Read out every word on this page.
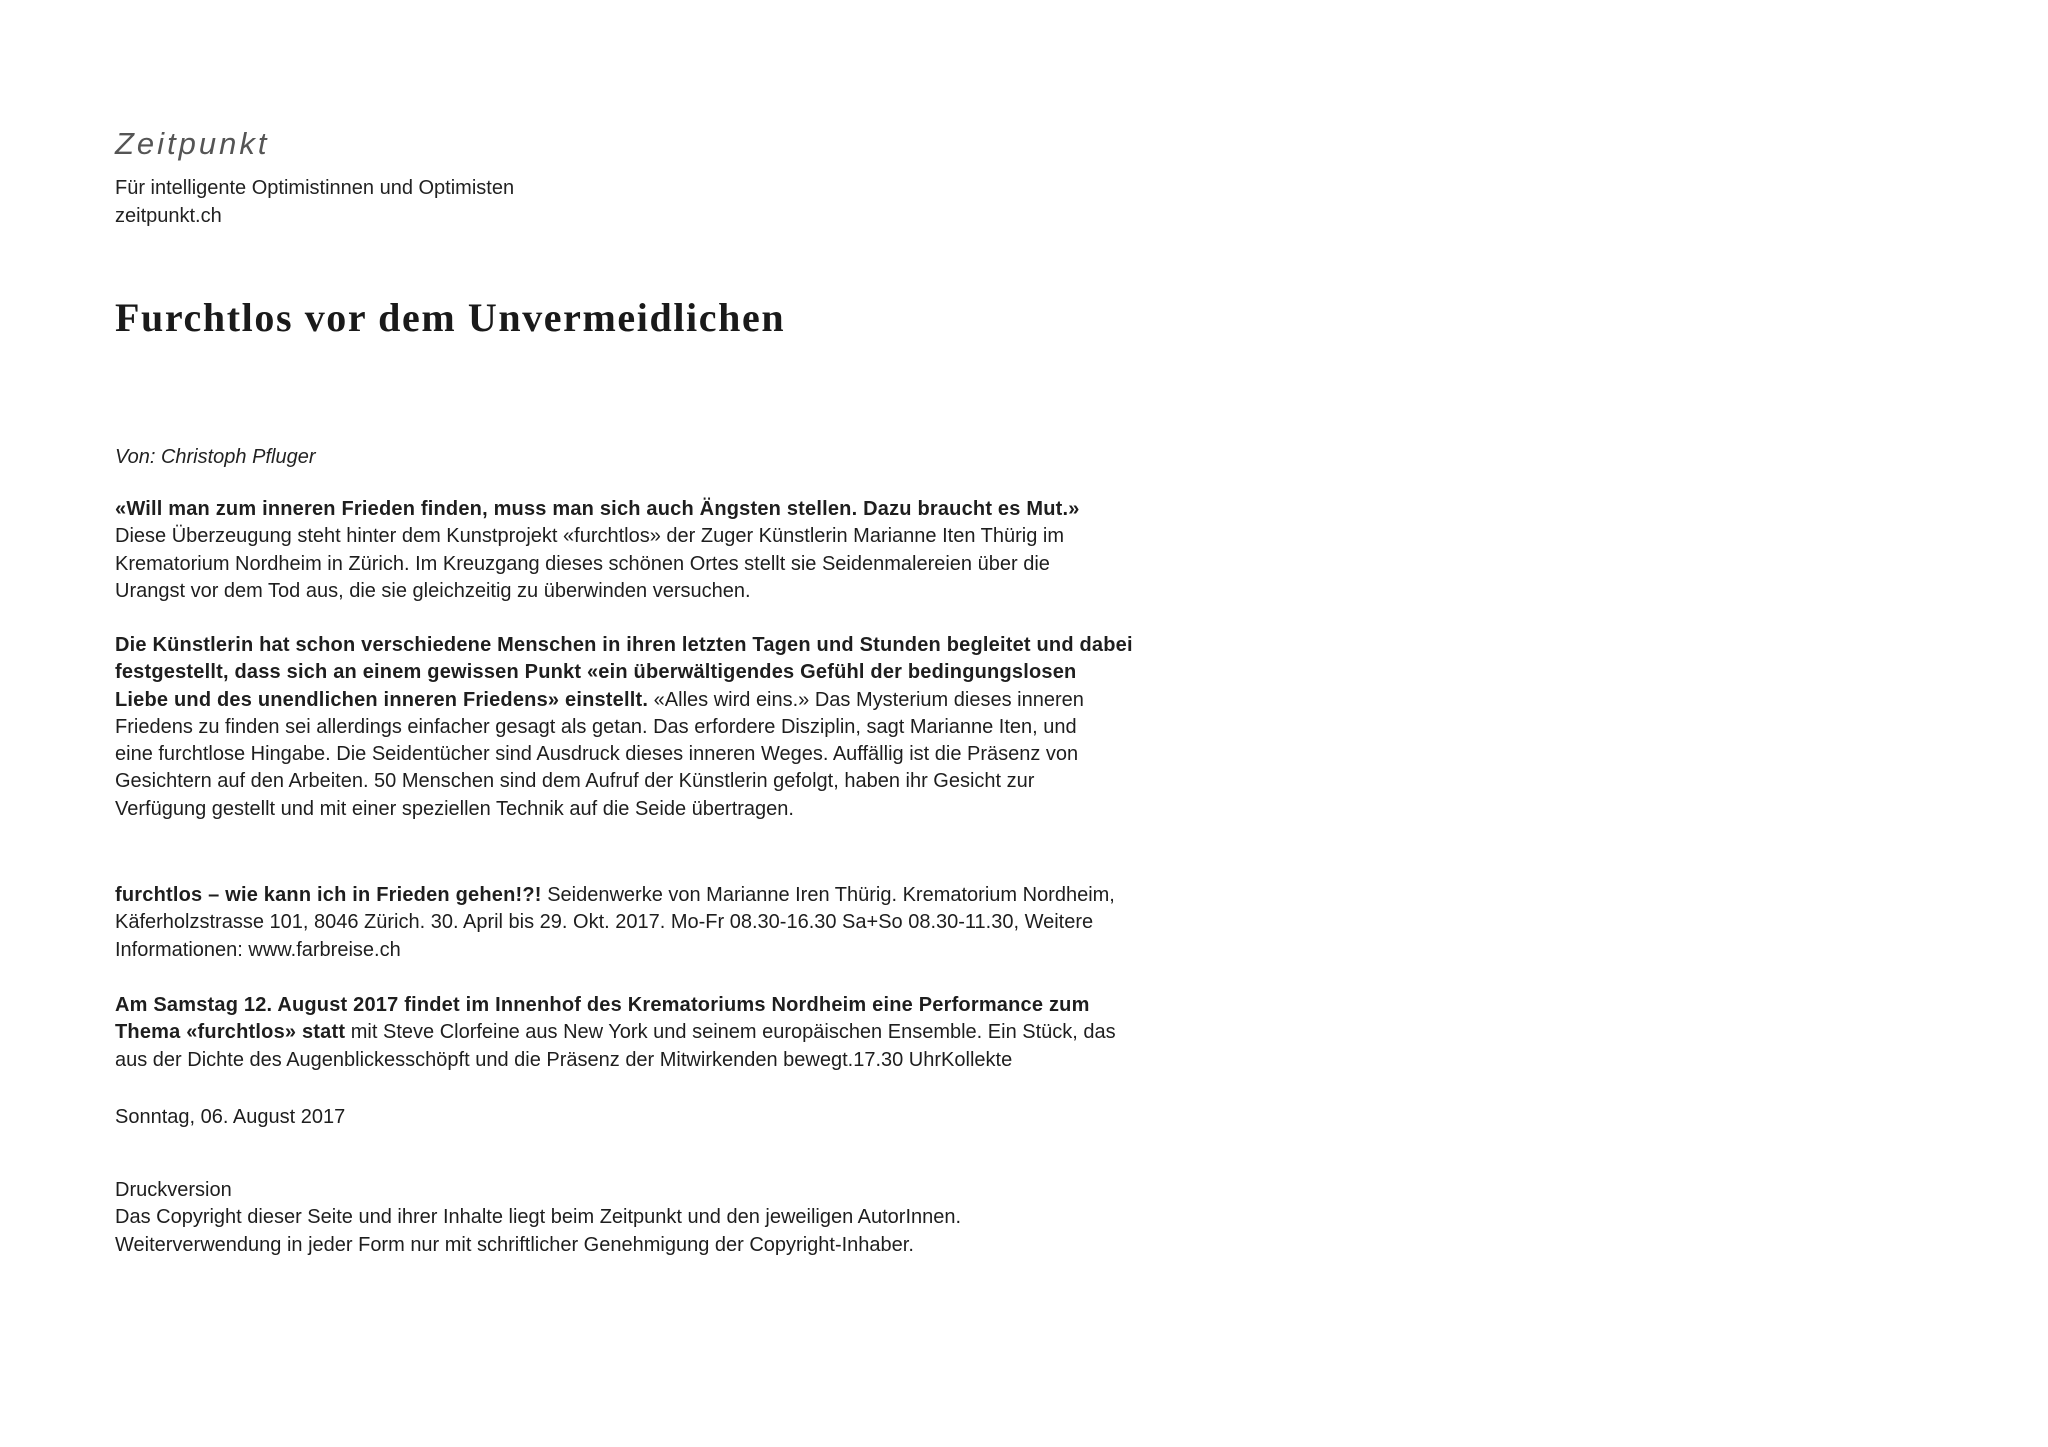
Zeitpunkt
Für intelligente Optimistinnen und Optimisten
zeitpunkt.ch
Furchtlos vor dem Unvermeidlichen
Von: Christoph Pfluger

«Will man zum inneren Frieden finden, muss man sich auch Ängsten stellen. Dazu braucht es Mut.»
Diese Überzeugung steht hinter dem Kunstprojekt «furchtlos» der Zuger Künstlerin Marianne Iten Thürig im
Krematorium Nordheim in Zürich. Im Kreuzgang dieses schönen Ortes stellt sie Seidenmalereien über die
Urangst vor dem Tod aus, die sie gleichzeitig zu überwinden versuchen.

Die Künstlerin hat schon verschiedene Menschen in ihren letzten Tagen und Stunden begleitet und dabei
festgestellt, dass sich an einem gewissen Punkt «ein überwältigendes Gefühl der bedingungslosen
Liebe und des unendlichen inneren Friedens» einstellt. «Alles wird eins.» Das Mysterium dieses inneren
Friedens zu finden sei allerdings einfacher gesagt als getan. Das erfordere Disziplin, sagt Marianne Iten, und
eine furchtlose Hingabe. Die Seidentücher sind Ausdruck dieses inneren Weges. Auffällig ist die Präsenz von
Gesichtern auf den Arbeiten. 50 Menschen sind dem Aufruf der Künstlerin gefolgt, haben ihr Gesicht zur
Verfügung gestellt und mit einer speziellen Technik auf die Seide übertragen.

furchtlos – wie kann ich in Frieden gehen!?! Seidenwerke von Marianne Iren Thürig. Krematorium Nordheim,
Käferholzstrasse 101, 8046 Zürich. 30. April bis 29. Okt. 2017. Mo-Fr 08.30-16.30 Sa+So 08.30-11.30, Weitere
Informationen: www.farbreise.ch

Am Samstag 12. August 2017 findet im Innenhof des Krematoriums Nordheim eine Performance zum
Thema «furchtlos» statt mit Steve Clorfeine aus New York und seinem europäischen Ensemble. Ein Stück, das
aus der Dichte des Augenblickesschöpft und die Präsenz der Mitwirkenden bewegt.17.30 UhrKollekte

Sonntag, 06. August 2017
Druckversion
Das Copyright dieser Seite und ihrer Inhalte liegt beim Zeitpunkt und den jeweiligen AutorInnen.
Weiterverwendung in jeder Form nur mit schriftlicher Genehmigung der Copyright-Inhaber.
